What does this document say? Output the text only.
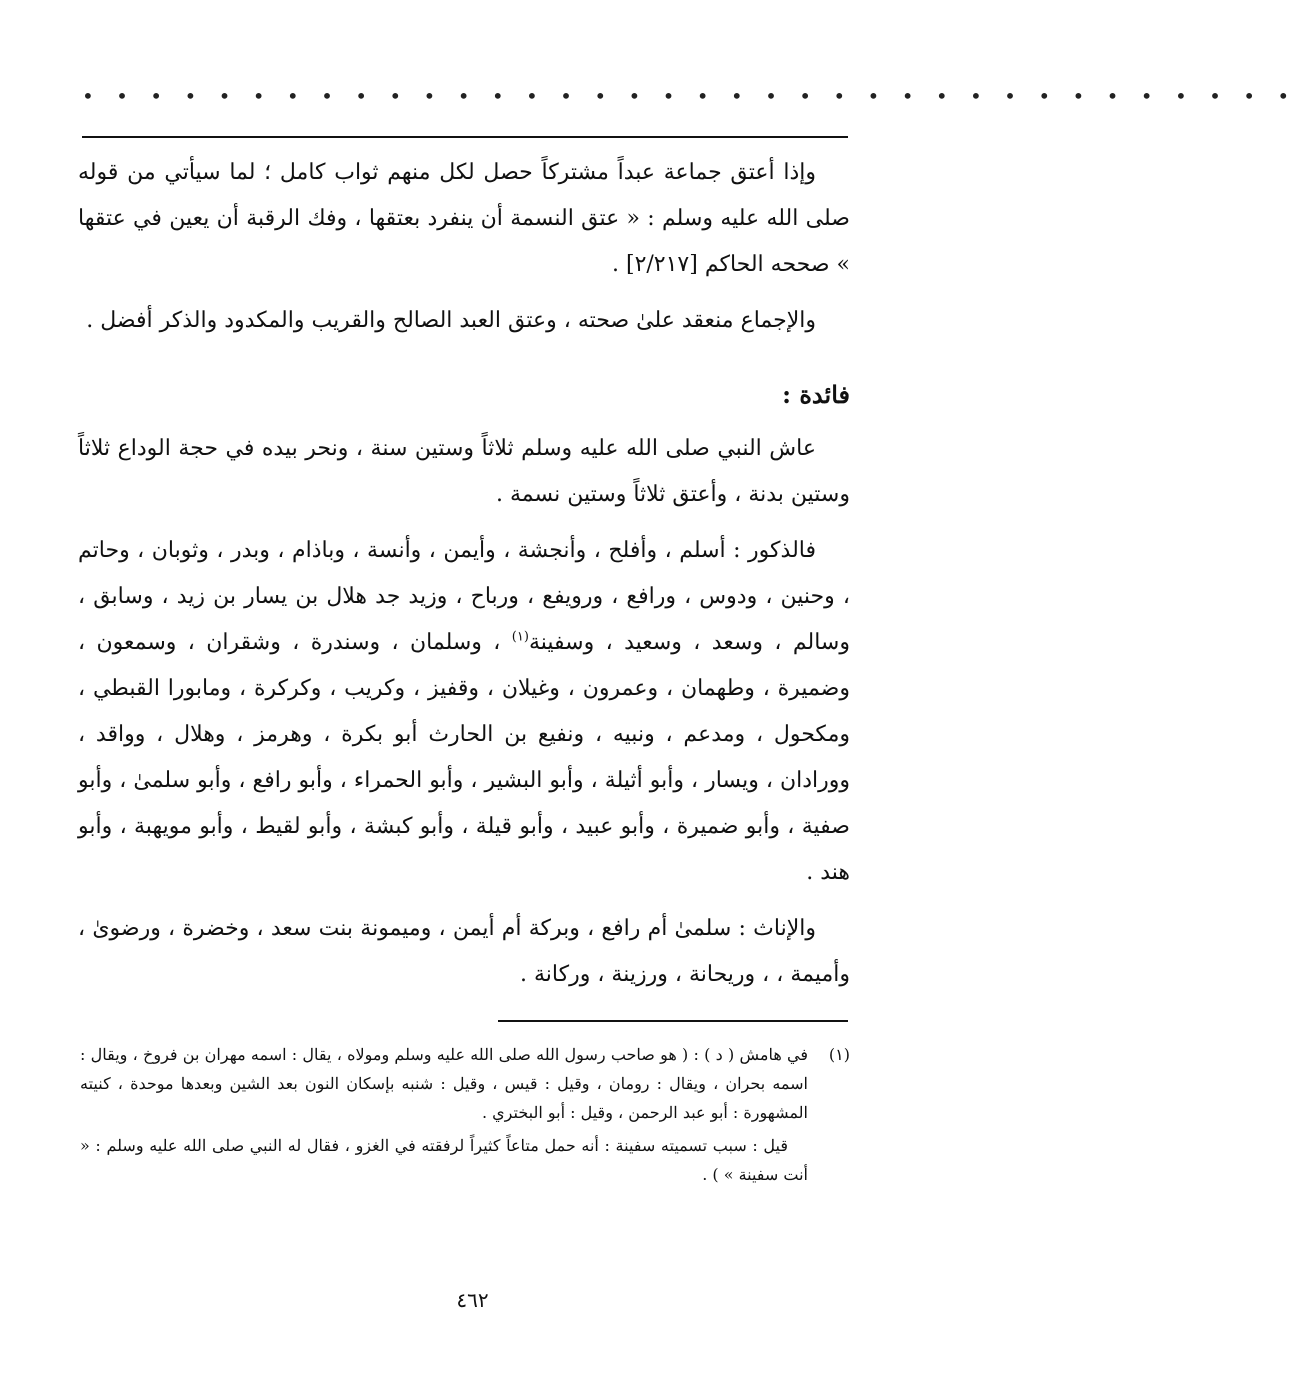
• • • • • • • • • • • • • • • • • • • • • • • • • • • • • • • • • • • •

وإذا أعتق جماعة عبداً مشتركاً حصل لكل منهم ثواب كامل ؛ لما سيأتي من قوله صلى الله عليه وسلم : « عتق النسمة أن ينفرد بعتقها ، وفك الرقبة أن يعين في عتقها » صححه الحاكم [٢/٢١٧] .

والإجماع منعقد علىٰ صحته ، وعتق العبد الصالح والقريب والمكدود والذكر أفضل .

فائدة :

عاش النبي صلى الله عليه وسلم ثلاثاً وستين سنة ، ونحر بيده في حجة الوداع ثلاثاً وستين بدنة ، وأعتق ثلاثاً وستين نسمة .

فالذكور : أسلم ، وأفلح ، وأنجشة ، وأيمن ، وأنسة ، وباذام ، وبدر ، وثوبان ، وحاتم ، وحنين ، ودوس ، ورافع ، ورويفع ، ورباح ، وزيد جد هلال بن يسار بن زيد ، وسابق ، وسالم ، وسعد ، وسعيد ، وسفينة$^{(١)}$ ، وسلمان ، وسندرة ، وشقران ، وسمعون ، وضميرة ، وطهمان ، وعمرون ، وغيلان ، وقفيز ، وكريب ، وكركرة ، ومابورا القبطي ، ومكحول ، ومدعم ، ونبيه ، ونفيع بن الحارث أبو بكرة ، وهرمز ، وهلال ، وواقد ، وورادان ، ويسار ، وأبو أثيلة ، وأبو البشير ، وأبو الحمراء ، وأبو رافع ، وأبو سلمىٰ ، وأبو صفية ، وأبو ضميرة ، وأبو عبيد ، وأبو قيلة ، وأبو كبشة ، وأبو لقيط ، وأبو مويهبة ، وأبو هند .

والإناث : سلمىٰ أم رافع ، وبركة أم أيمن ، وميمونة بنت سعد ، وخضرة ، ورضوىٰ ، وأميمة ، ، وريحانة ، ورزينة ، وركانة .

(١)

في هامش ( د ) : ( هو صاحب رسول الله صلى الله عليه وسلم ومولاه ، يقال : اسمه مهران بن فروخ ، ويقال : اسمه بحران ، ويقال : رومان ، وقيل : قيس ، وقيل : شنبه بإسكان النون بعد الشين وبعدها موحدة ، كنيته المشهورة : أبو عبد الرحمن ، وقيل : أبو البختري .

قيل : سبب تسميته سفينة : أنه حمل متاعاً كثيراً لرفقته في الغزو ، فقال له النبي صلى الله عليه وسلم : « أنت سفينة » ) .

٤٦٢
